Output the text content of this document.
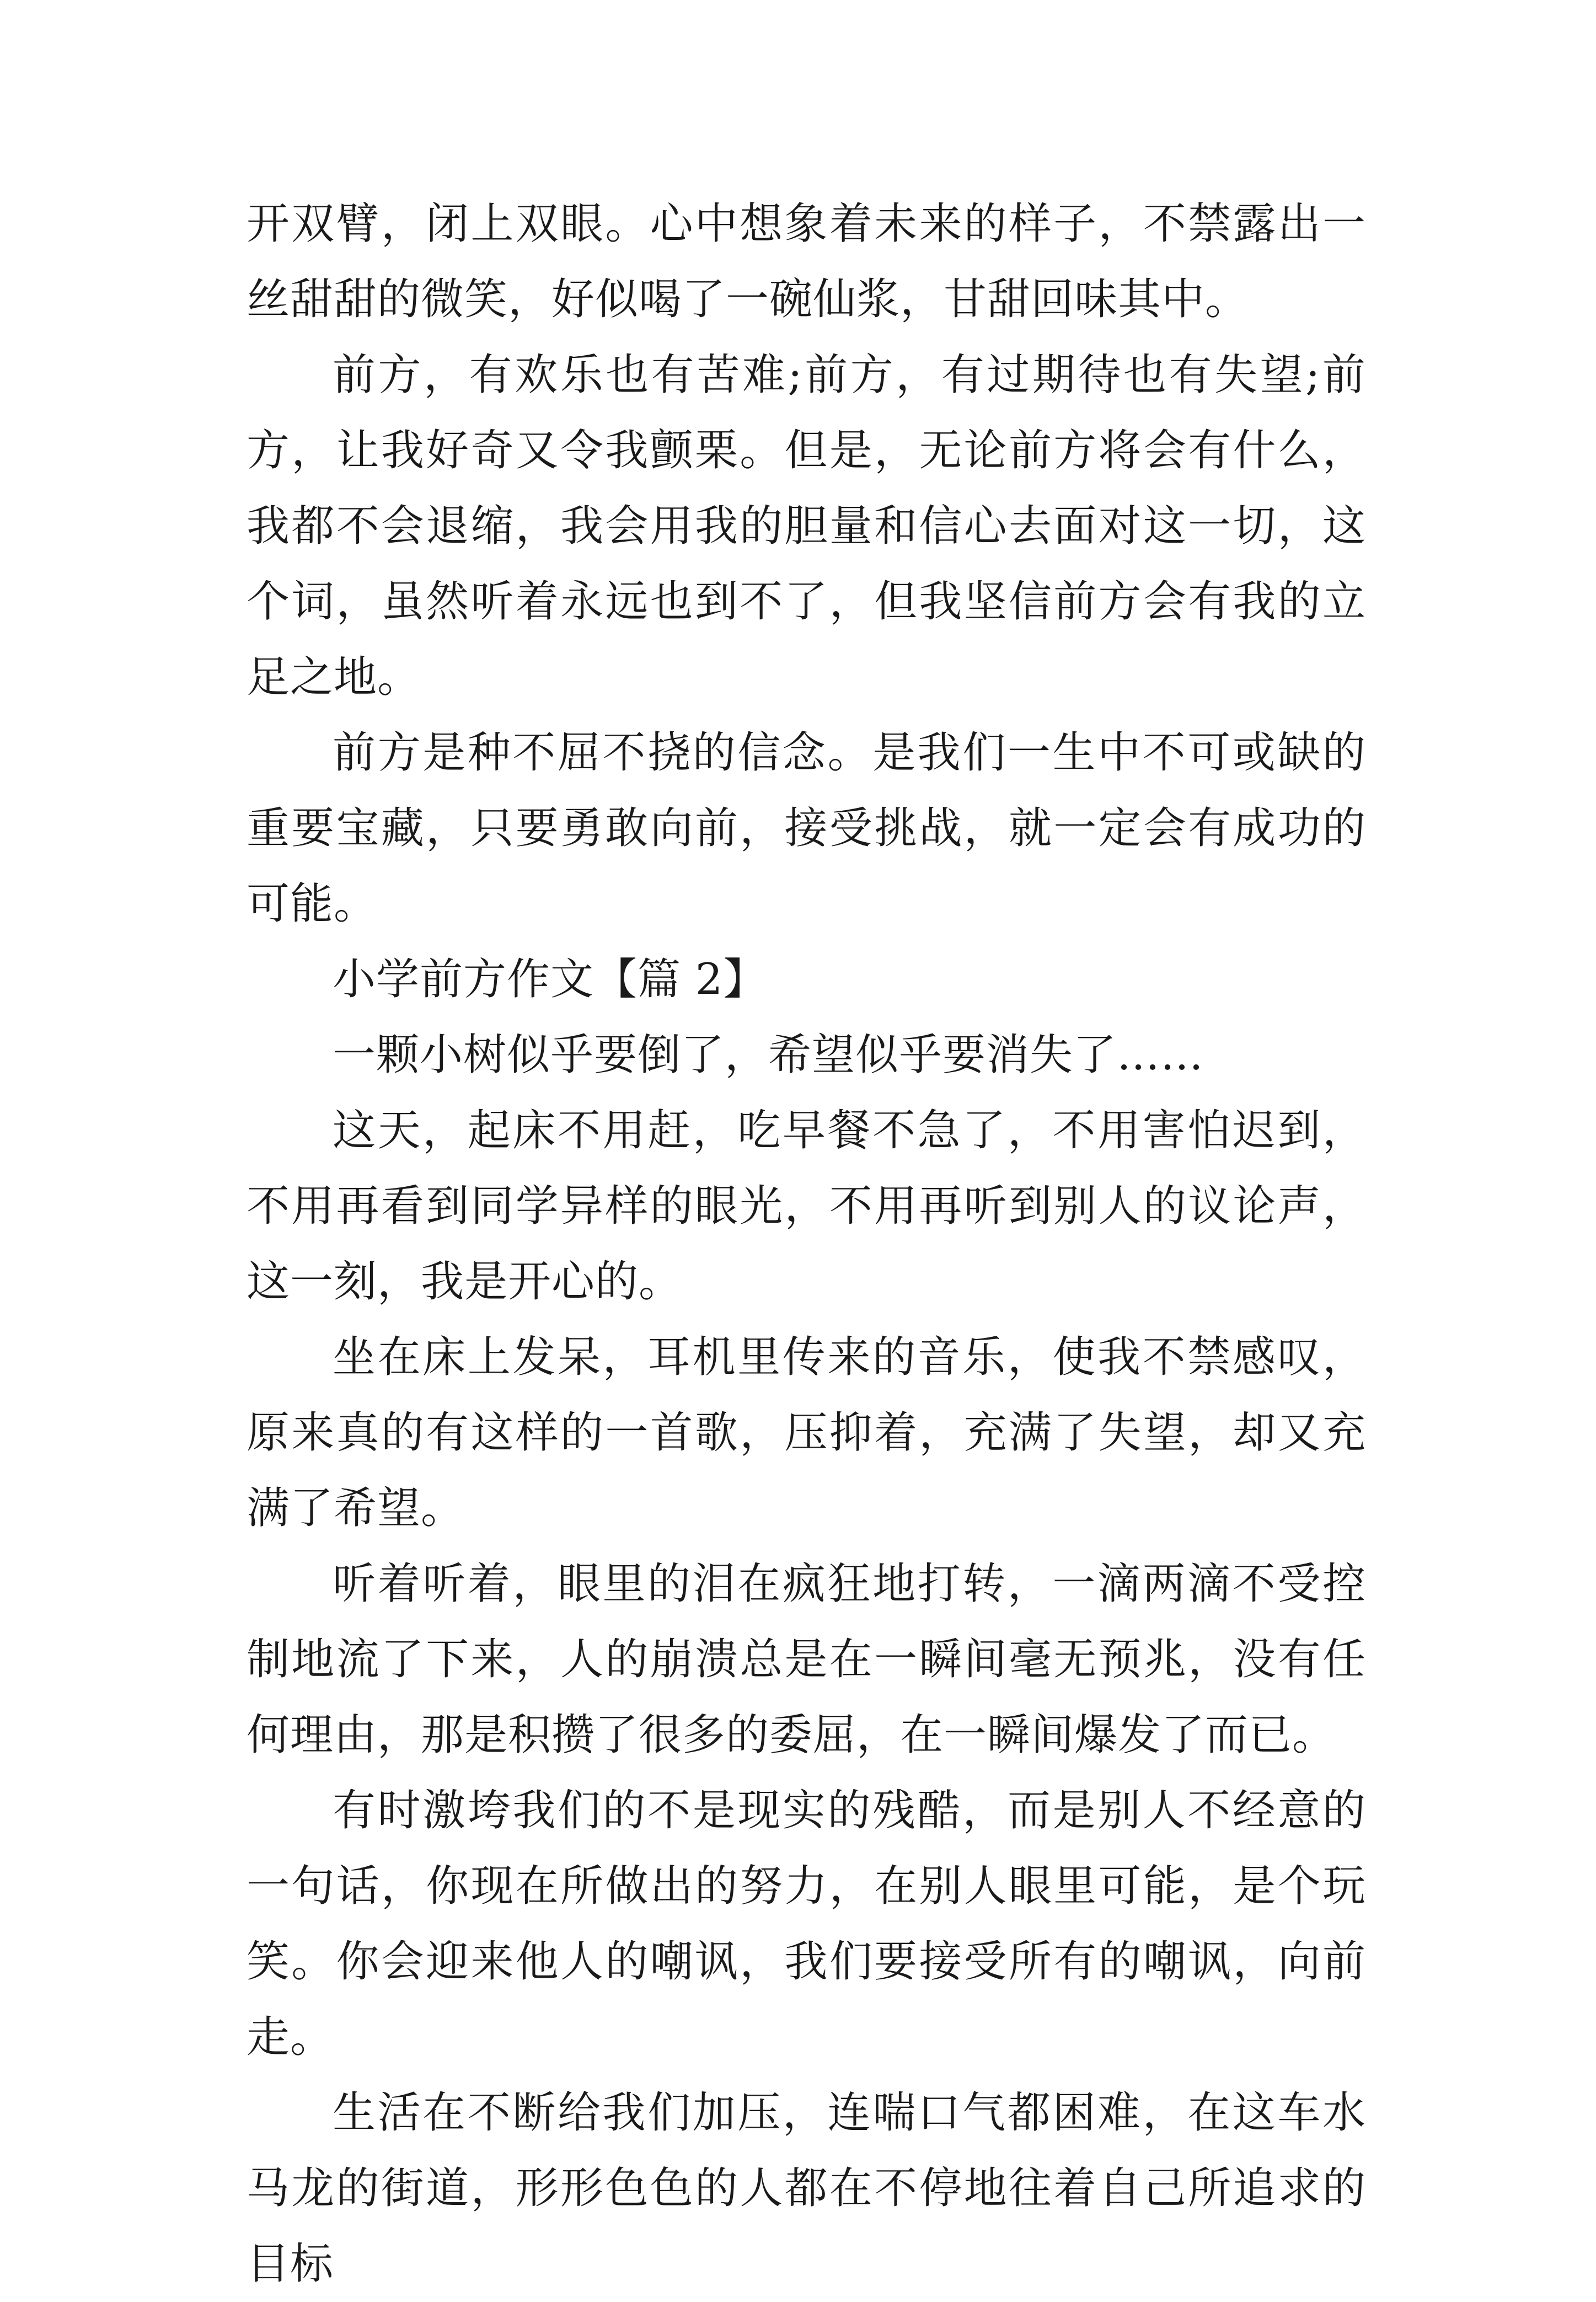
开双臂，闭上双眼。心中想象着未来的样子，不禁露出一丝甜甜的微笑，好似喝了一碗仙浆，甘甜回味其中。

前方，有欢乐也有苦难;前方，有过期待也有失望;前方，让我好奇又令我颤栗。但是，无论前方将会有什么，我都不会退缩，我会用我的胆量和信心去面对这一切，这个词，虽然听着永远也到不了，但我坚信前方会有我的立足之地。

前方是种不屈不挠的信念。是我们一生中不可或缺的重要宝藏，只要勇敢向前，接受挑战，就一定会有成功的可能。

小学前方作文【篇 2】

一颗小树似乎要倒了，希望似乎要消失了……

这天，起床不用赶，吃早餐不急了，不用害怕迟到，不用再看到同学异样的眼光，不用再听到别人的议论声，这一刻，我是开心的。

坐在床上发呆，耳机里传来的音乐，使我不禁感叹，原来真的有这样的一首歌，压抑着，充满了失望，却又充满了希望。

听着听着，眼里的泪在疯狂地打转，一滴两滴不受控制地流了下来，人的崩溃总是在一瞬间毫无预兆，没有任何理由，那是积攒了很多的委屈，在一瞬间爆发了而已。

有时激垮我们的不是现实的残酷，而是别人不经意的一句话，你现在所做出的努力，在别人眼里可能，是个玩笑。你会迎来他人的嘲讽，我们要接受所有的嘲讽，向前走。

生活在不断给我们加压，连喘口气都困难，在这车水马龙的街道，形形色色的人都在不停地往着自己所追求的目标
